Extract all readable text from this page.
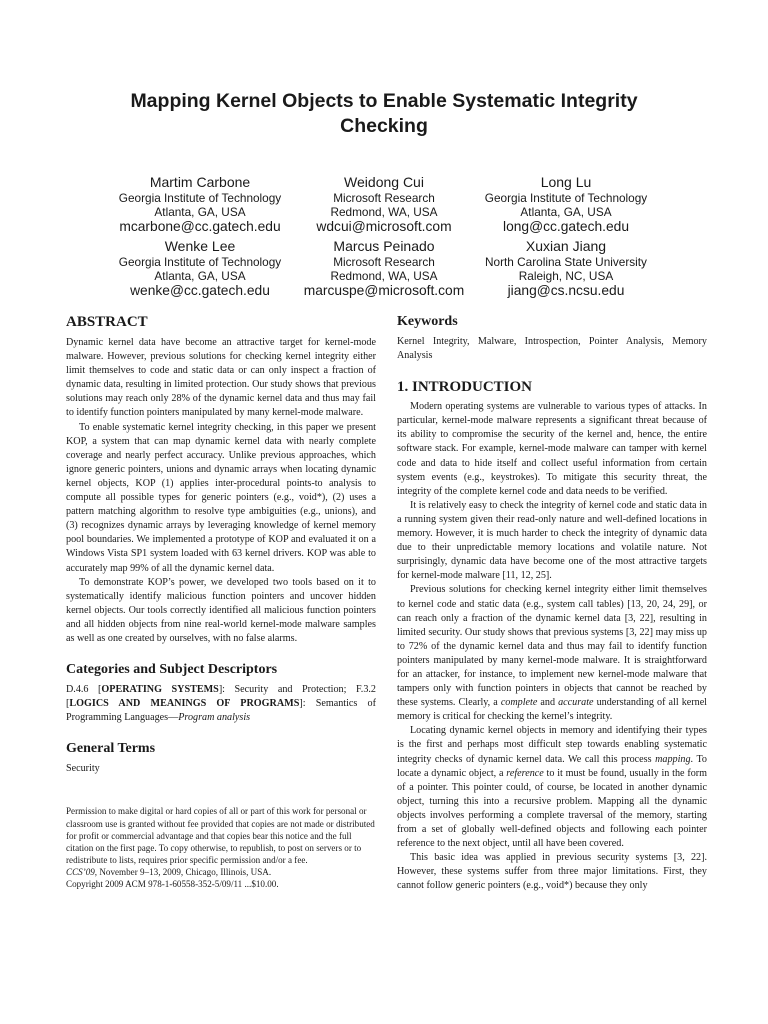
Mapping Kernel Objects to Enable Systematic Integrity Checking
Martim Carbone
Georgia Institute of Technology
Atlanta, GA, USA
mcarbone@cc.gatech.edu
Weidong Cui
Microsoft Research
Redmond, WA, USA
wdcui@microsoft.com
Long Lu
Georgia Institute of Technology
Atlanta, GA, USA
long@cc.gatech.edu
Wenke Lee
Georgia Institute of Technology
Atlanta, GA, USA
wenke@cc.gatech.edu
Marcus Peinado
Microsoft Research
Redmond, WA, USA
marcuspe@microsoft.com
Xuxian Jiang
North Carolina State University
Raleigh, NC, USA
jiang@cs.ncsu.edu
ABSTRACT

Dynamic kernel data have become an attractive target for kernel-mode malware. However, previous solutions for checking kernel integrity either limit themselves to code and static data or can only inspect a fraction of dynamic data, resulting in limited protection. Our study shows that previous solutions may reach only 28% of the dynamic kernel data and thus may fail to identify function pointers manipulated by many kernel-mode malware.

To enable systematic kernel integrity checking, in this paper we present KOP, a system that can map dynamic kernel data with nearly complete coverage and nearly perfect accuracy. Unlike previous approaches, which ignore generic pointers, unions and dynamic arrays when locating dynamic kernel objects, KOP (1) applies inter-procedural points-to analysis to compute all possible types for generic pointers (e.g., void*), (2) uses a pattern matching algorithm to resolve type ambiguities (e.g., unions), and (3) recognizes dynamic arrays by leveraging knowledge of kernel memory pool boundaries. We implemented a prototype of KOP and evaluated it on a Windows Vista SP1 system loaded with 63 kernel drivers. KOP was able to accurately map 99% of all the dynamic kernel data.

To demonstrate KOP’s power, we developed two tools based on it to systematically identify malicious function pointers and uncover hidden kernel objects. Our tools correctly identified all malicious function pointers and all hidden objects from nine real-world kernel-mode malware samples as well as one created by ourselves, with no false alarms.

Categories and Subject Descriptors

D.4.6 [OPERATING SYSTEMS]: Security and Protection; F.3.2 [LOGICS AND MEANINGS OF PROGRAMS]: Semantics of Programming Languages—Program analysis

General Terms

Security

Permission to make digital or hard copies of all or part of this work for personal or classroom use is granted without fee provided that copies are not made or distributed for profit or commercial advantage and that copies bear this notice and the full citation on the first page. To copy otherwise, to republish, to post on servers or to redistribute to lists, requires prior specific permission and/or a fee.

CCS’09, November 9–13, 2009, Chicago, Illinois, USA.

Copyright 2009 ACM 978-1-60558-352-5/09/11 ...$10.00.

Keywords

Kernel Integrity, Malware, Introspection, Pointer Analysis, Memory Analysis

1. INTRODUCTION

Modern operating systems are vulnerable to various types of attacks. In particular, kernel-mode malware represents a significant threat because of its ability to compromise the security of the kernel and, hence, the entire software stack. For example, kernel-mode malware can tamper with kernel code and data to hide itself and collect useful information from certain system events (e.g., keystrokes). To mitigate this security threat, the integrity of the complete kernel code and data needs to be verified.

It is relatively easy to check the integrity of kernel code and static data in a running system given their read-only nature and well-defined locations in memory. However, it is much harder to check the integrity of dynamic data due to their unpredictable memory locations and volatile nature. Not surprisingly, dynamic data have become one of the most attractive targets for kernel-mode malware [11, 12, 25].

Previous solutions for checking kernel integrity either limit themselves to kernel code and static data (e.g., system call tables) [13, 20, 24, 29], or can reach only a fraction of the dynamic kernel data [3, 22], resulting in limited security. Our study shows that previous systems [3, 22] may miss up to 72% of the dynamic kernel data and thus may fail to identify function pointers manipulated by many kernel-mode malware. It is straightforward for an attacker, for instance, to implement new kernel-mode malware that tampers only with function pointers in objects that cannot be reached by these systems. Clearly, a complete and accurate understanding of all kernel memory is critical for checking the kernel’s integrity.

Locating dynamic kernel objects in memory and identifying their types is the first and perhaps most difficult step towards enabling systematic integrity checks of dynamic kernel data. We call this process mapping. To locate a dynamic object, a reference to it must be found, usually in the form of a pointer. This pointer could, of course, be located in another dynamic object, turning this into a recursive problem. Mapping all the dynamic objects involves performing a complete traversal of the memory, starting from a set of globally well-defined objects and following each pointer reference to the next object, until all have been covered.

This basic idea was applied in previous security systems [3, 22]. However, these systems suffer from three major limitations. First, they cannot follow generic pointers (e.g., void*) because they only
